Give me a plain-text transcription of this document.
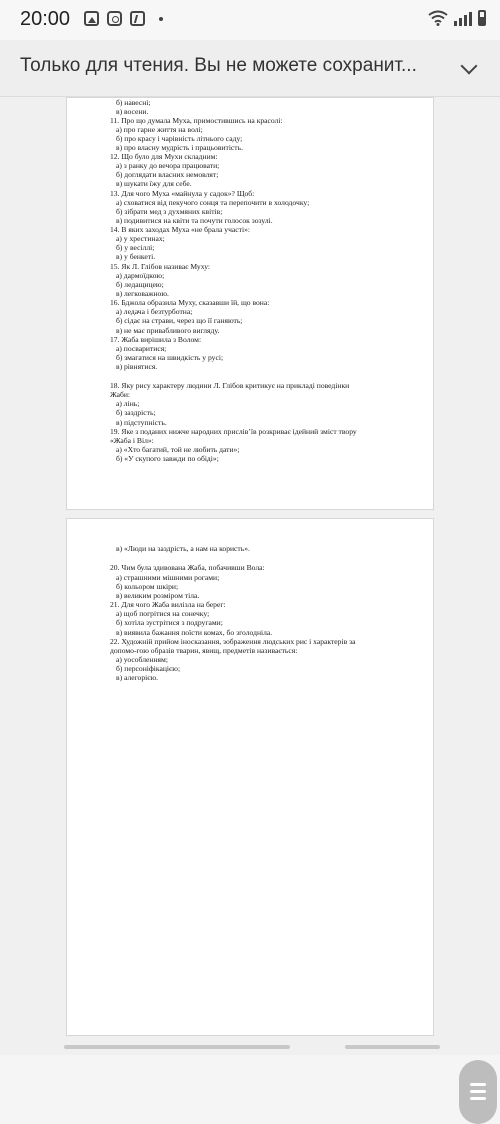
20:00
Только для чтения. Вы не можете сохранит...
б) навесні;
в) восени.
11. Про що думала Муха, примостившись на красолі:
а) про гарне життя на волі;
б) про красу і чарівність літнього саду;
в) про власну мудрість і працьовитість.
12. Що було для Мухи складним:
а) з ранку до вечора працювати;
б) доглядати власних немовлят;
в) шукати їжу для себе.
13. Для чого Муха «майнула у садок»? Щоб:
а) сховатися від пекучого сонця та перепочити в холодочку;
б) зібрати мед з духмяних квітів;
в) подивитися на квіти та почути голосок зозулі.
14. В яких заходах Муха «не брала участі»:
а) у хрестинах;
б) у весіллі;
в) у бенкеті.
15. Як Л. Глібов називає Муху:
а) дармоїдкою;
б) ледащицею;
в) легковажною.
16. Бджола образила Муху, сказавши їй, що вона:
а) ледача і безтурботна;
б) сідає на страви, через що її ганяють;
в) не має привабливого вигляду.
17. Жаба вирішила з Волом:
а) посваритися;
б) змагатися на швидкість у русі;
в) рівнятися.
18. Яку рису характеру людини Л. Глібов критикує на прикладі поведінки
Жаби:
а) лінь;
б) заздрість;
в) підступність.
19. Яке з поданих нижче народних прислів’їв розкриває ідейний зміст твору
«Жаба і Віл»:
а) «Хто багатий, той не любить дати»;
б) «У скупого завжди по обіді»;
в) «Люди на заздрість, а нам на користь».
20. Чим була здивована Жаба, побачивши Вола:
а) страшними мішними рогами;
б) кольором шкіри;
в) великим розміром тіла.
21. Для чого Жаба вилізла на берег:
а) щоб погрітися на сонечку;
б) хотіла зустрітися з подругами;
в) виявила бажання поїсти комах, бо зголодніла.
22. Художній прийом іносказання, зображення людських рис і характерів за
допомо-гою образів тварин, явищ, предметів називається:
а) уособленням;
б) персоніфікацією;
в) алегорією.
